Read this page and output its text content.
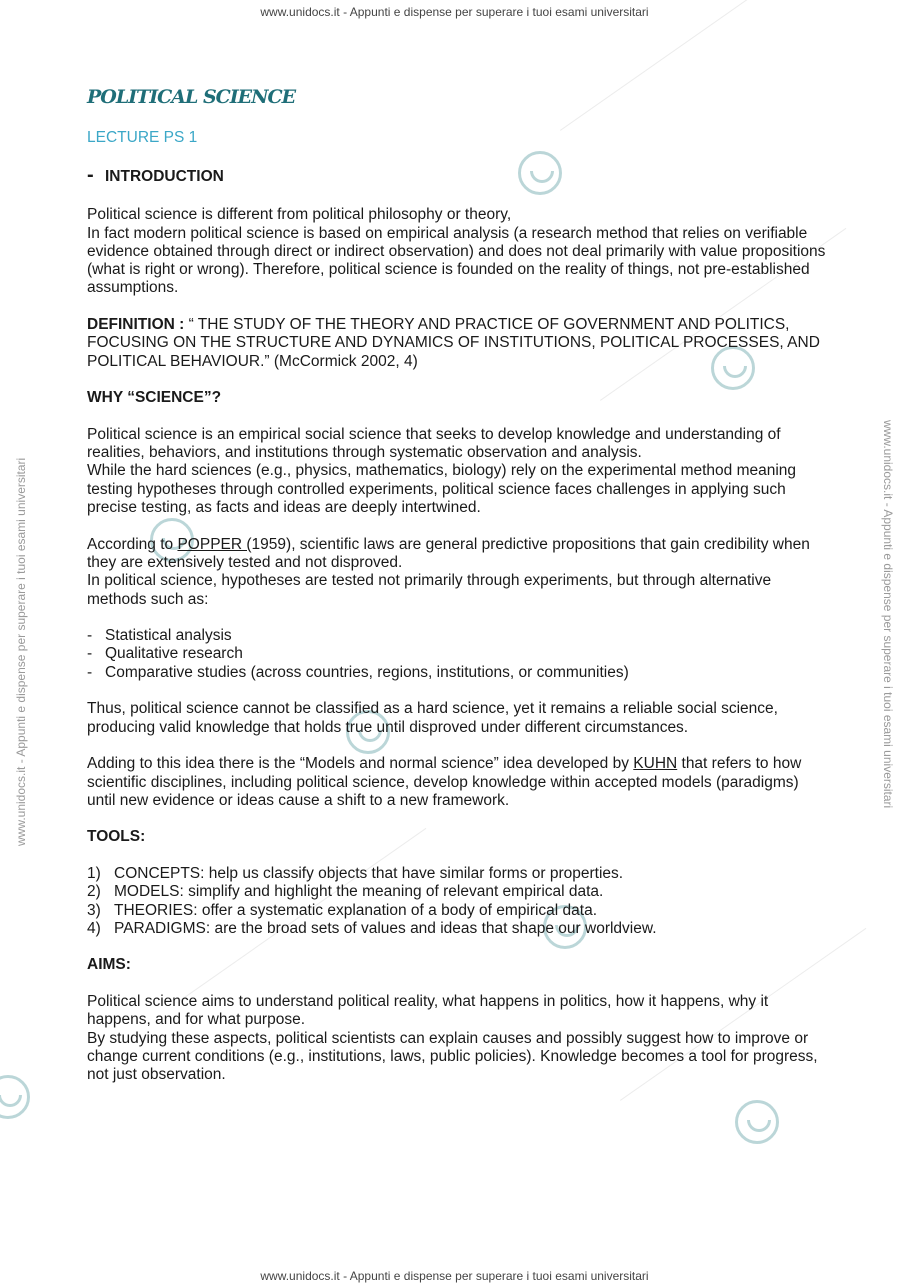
www.unidocs.it - Appunti e dispense per superare i tuoi esami universitari
www.unidocs.it - Appunti e dispense per superare i tuoi esami universitari
www.unidocs.it - Appunti e dispense per superare i tuoi esami universitari	www.unidocs.it - Appunti e dispense per superare i tuoi esami universitari
POLITICAL SCIENCE
LECTURE PS 1
- INTRODUCTION

Political science is different from political philosophy or theory,

In fact modern political science is based on empirical analysis (a research method that relies on verifiable evidence obtained through direct or indirect observation) and does not deal primarily with value propositions (what is right or wrong). Therefore, political science is founded on the reality of things, not pre-established assumptions.

DEFINITION : “ THE STUDY OF THE THEORY AND PRACTICE OF GOVERNMENT AND POLITICS, FOCUSING ON THE STRUCTURE AND DYNAMICS OF INSTITUTIONS, POLITICAL PROCESSES, AND POLITICAL BEHAVIOUR.” (McCormick 2002, 4)

WHY “SCIENCE”?

Political science is an empirical social science that seeks to develop knowledge and understanding of realities, behaviors, and institutions through systematic observation and analysis.

While the hard sciences (e.g., physics, mathematics, biology) rely on the experimental method meaning testing hypotheses through controlled experiments, political science faces challenges in applying such precise testing, as facts and ideas are deeply intertwined.

According to POPPER (1959), scientific laws are general predictive propositions that gain credibility when they are extensively tested and not disproved.

In political science, hypotheses are tested not primarily through experiments, but through alternative methods such as:

- Statistical analysis
- Qualitative research
- Comparative studies (across countries, regions, institutions, or communities)

Thus, political science cannot be classified as a hard science, yet it remains a reliable social science, producing valid knowledge that holds true until disproved under different circumstances.

Adding to this idea there is the “Models and normal science” idea developed by KUHN that refers to how scientific disciplines, including political science, develop knowledge within accepted models (paradigms) until new evidence or ideas cause a shift to a new framework.

TOOLS:

1) CONCEPTS: help us classify objects that have similar forms or properties.
2) MODELS: simplify and highlight the meaning of relevant empirical data.
3) THEORIES: offer a systematic explanation of a body of empirical data.
4) PARADIGMS: are the broad sets of values and ideas that shape our worldview.

AIMS:

Political science aims to understand political reality, what happens in politics, how it happens, why it happens, and for what purpose.

By studying these aspects, political scientists can explain causes and possibly suggest how to improve or change current conditions (e.g., institutions, laws, public policies). Knowledge becomes a tool for progress, not just observation.
